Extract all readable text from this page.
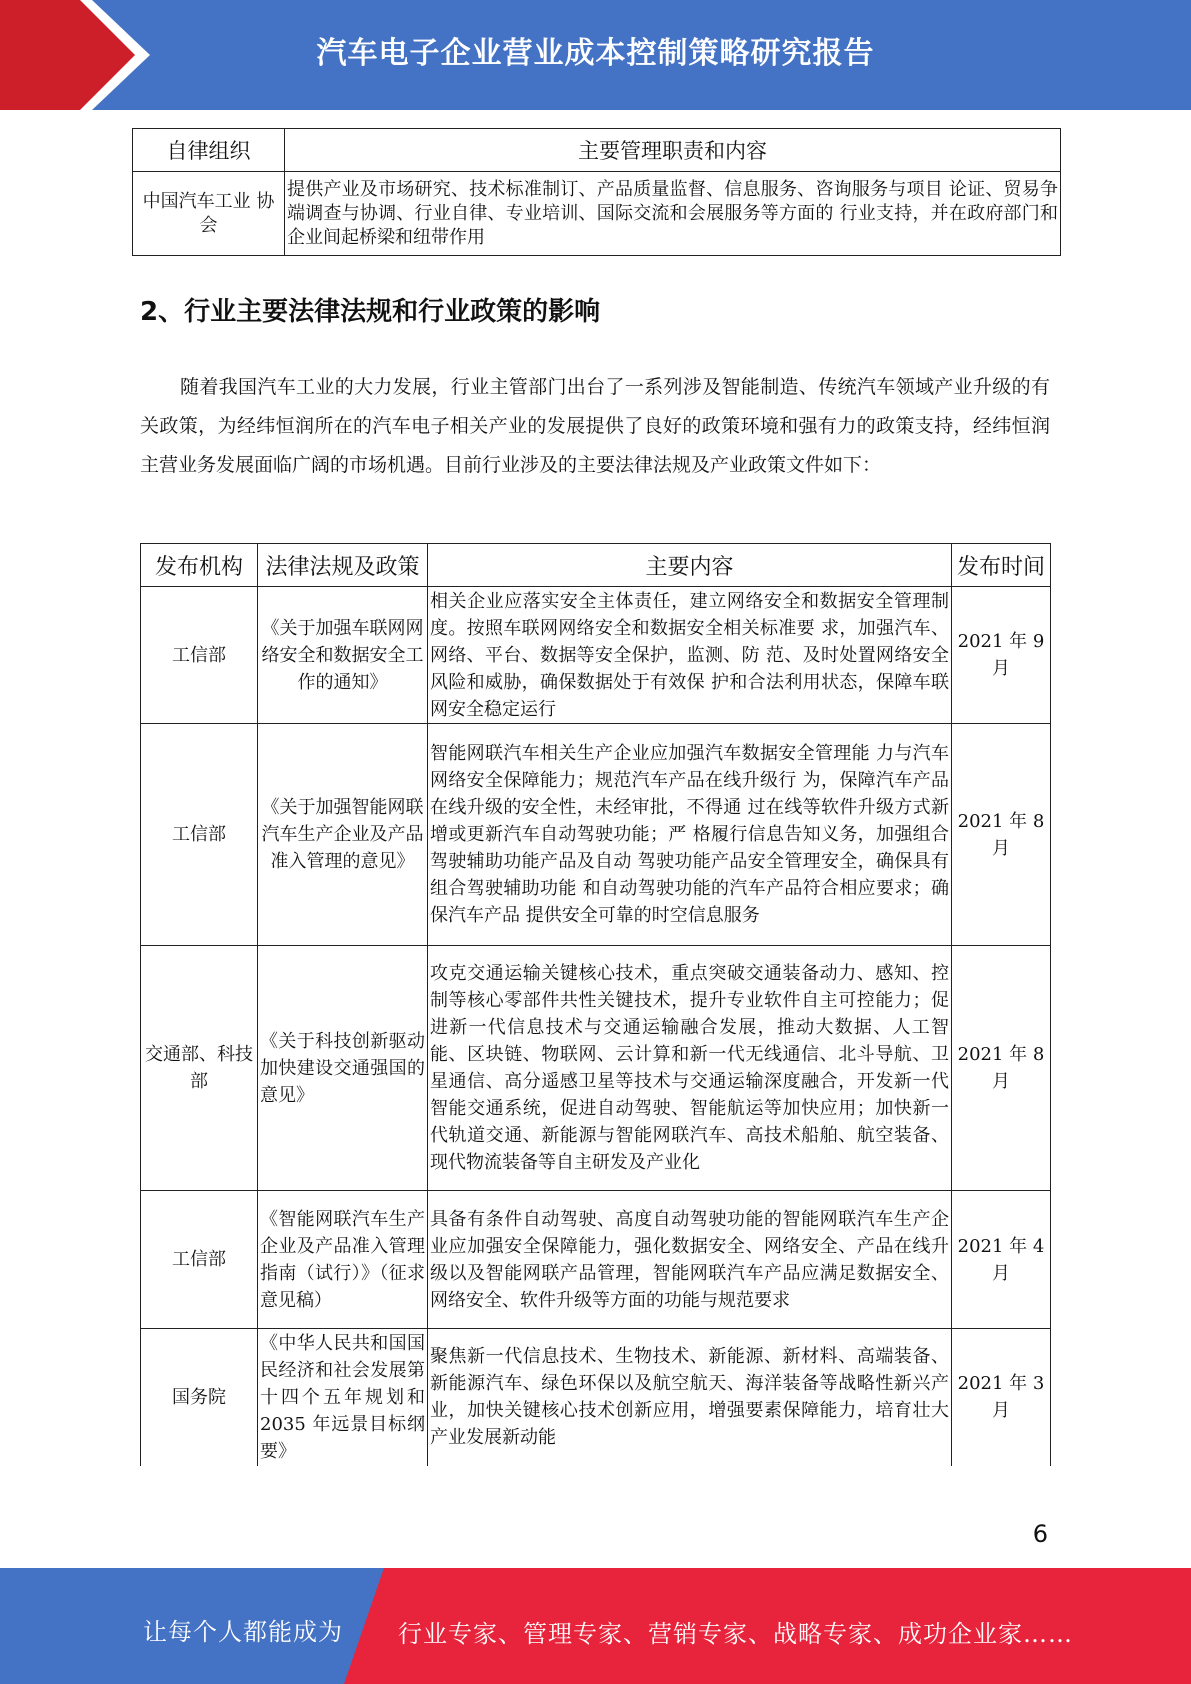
汽车电子企业营业成本控制策略研究报告
自律组织	主要管理职责和内容
中国汽车工业 协会	提供产业及市场研究、技术标准制订、产品质量监督、信息服务、咨询服务与项目 论证、贸易争端调查与协调、行业自律、专业培训、国际交流和会展服务等方面的 行业支持，并在政府部门和企业间起桥梁和纽带作用
2、行业主要法律法规和行业政策的影响

随着我国汽车工业的大力发展，行业主管部门出台了一系列涉及智能制造、传统汽车领域产业升级的有关政策，为经纬恒润所在的汽车电子相关产业的发展提供了良好的政策环境和强有力的政策支持，经纬恒润主营业务发展面临广阔的市场机遇。目前行业涉及的主要法律法规及产业政策文件如下：

发布机构	法律法规及政策	主要内容	发布时间
工信部	《关于加强车联网网络安全和数据安全工作的通知》	相关企业应落实安全主体责任，建立网络安全和数据安全管理制度。按照车联网网络安全和数据安全相关标准要 求，加强汽车、网络、平台、数据等安全保护，监测、防 范、及时处置网络安全风险和威胁，确保数据处于有效保 护和合法利用状态，保障车联网安全稳定运行	2021 年 9 月
工信部	《关于加强智能网联汽车生产企业及产品准入管理的意见》	智能网联汽车相关生产企业应加强汽车数据安全管理能 力与汽车网络安全保障能力；规范汽车产品在线升级行 为，保障汽车产品在线升级的安全性，未经审批，不得通 过在线等软件升级方式新增或更新汽车自动驾驶功能；严 格履行信息告知义务，加强组合驾驶辅助功能产品及自动 驾驶功能产品安全管理安全，确保具有组合驾驶辅助功能 和自动驾驶功能的汽车产品符合相应要求；确保汽车产品 提供安全可靠的时空信息服务	2021 年 8 月
交通部、科技部	《关于科技创新驱动加快建设交通强国的意见》	攻克交通运输关键核心技术，重点突破交通装备动力、感知、控制等核心零部件共性关键技术，提升专业软件自主可控能力；促进新一代信息技术与交通运输融合发展，推动大数据、人工智能、区块链、物联网、云计算和新一代无线通信、北斗导航、卫星通信、高分遥感卫星等技术与交通运输深度融合，开发新一代智能交通系统，促进自动驾驶、智能航运等加快应用；加快新一代轨道交通、新能源与智能网联汽车、高技术船舶、航空装备、现代物流装备等自主研发及产业化	2021 年 8 月
工信部	《智能网联汽车生产企业及产品准入管理指南（试行）》（征求意见稿）	具备有条件自动驾驶、高度自动驾驶功能的智能网联汽车生产企业应加强安全保障能力，强化数据安全、网络安全、产品在线升级以及智能网联产品管理，智能网联汽车产品应满足数据安全、网络安全、软件升级等方面的功能与规范要求	2021 年 4 月
国务院	《中华人民共和国国民经济和社会发展第十四个五年规划和 2035 年远景目标纲要》	聚焦新一代信息技术、生物技术、新能源、新材料、高端装备、新能源汽车、绿色环保以及航空航天、海洋装备等战略性新兴产业，加快关键核心技术创新应用，增强要素保障能力，培育壮大产业发展新动能	2021 年 3 月
6
让每个人都能成为 行业专家、管理专家、营销专家、战略专家、成功企业家……
